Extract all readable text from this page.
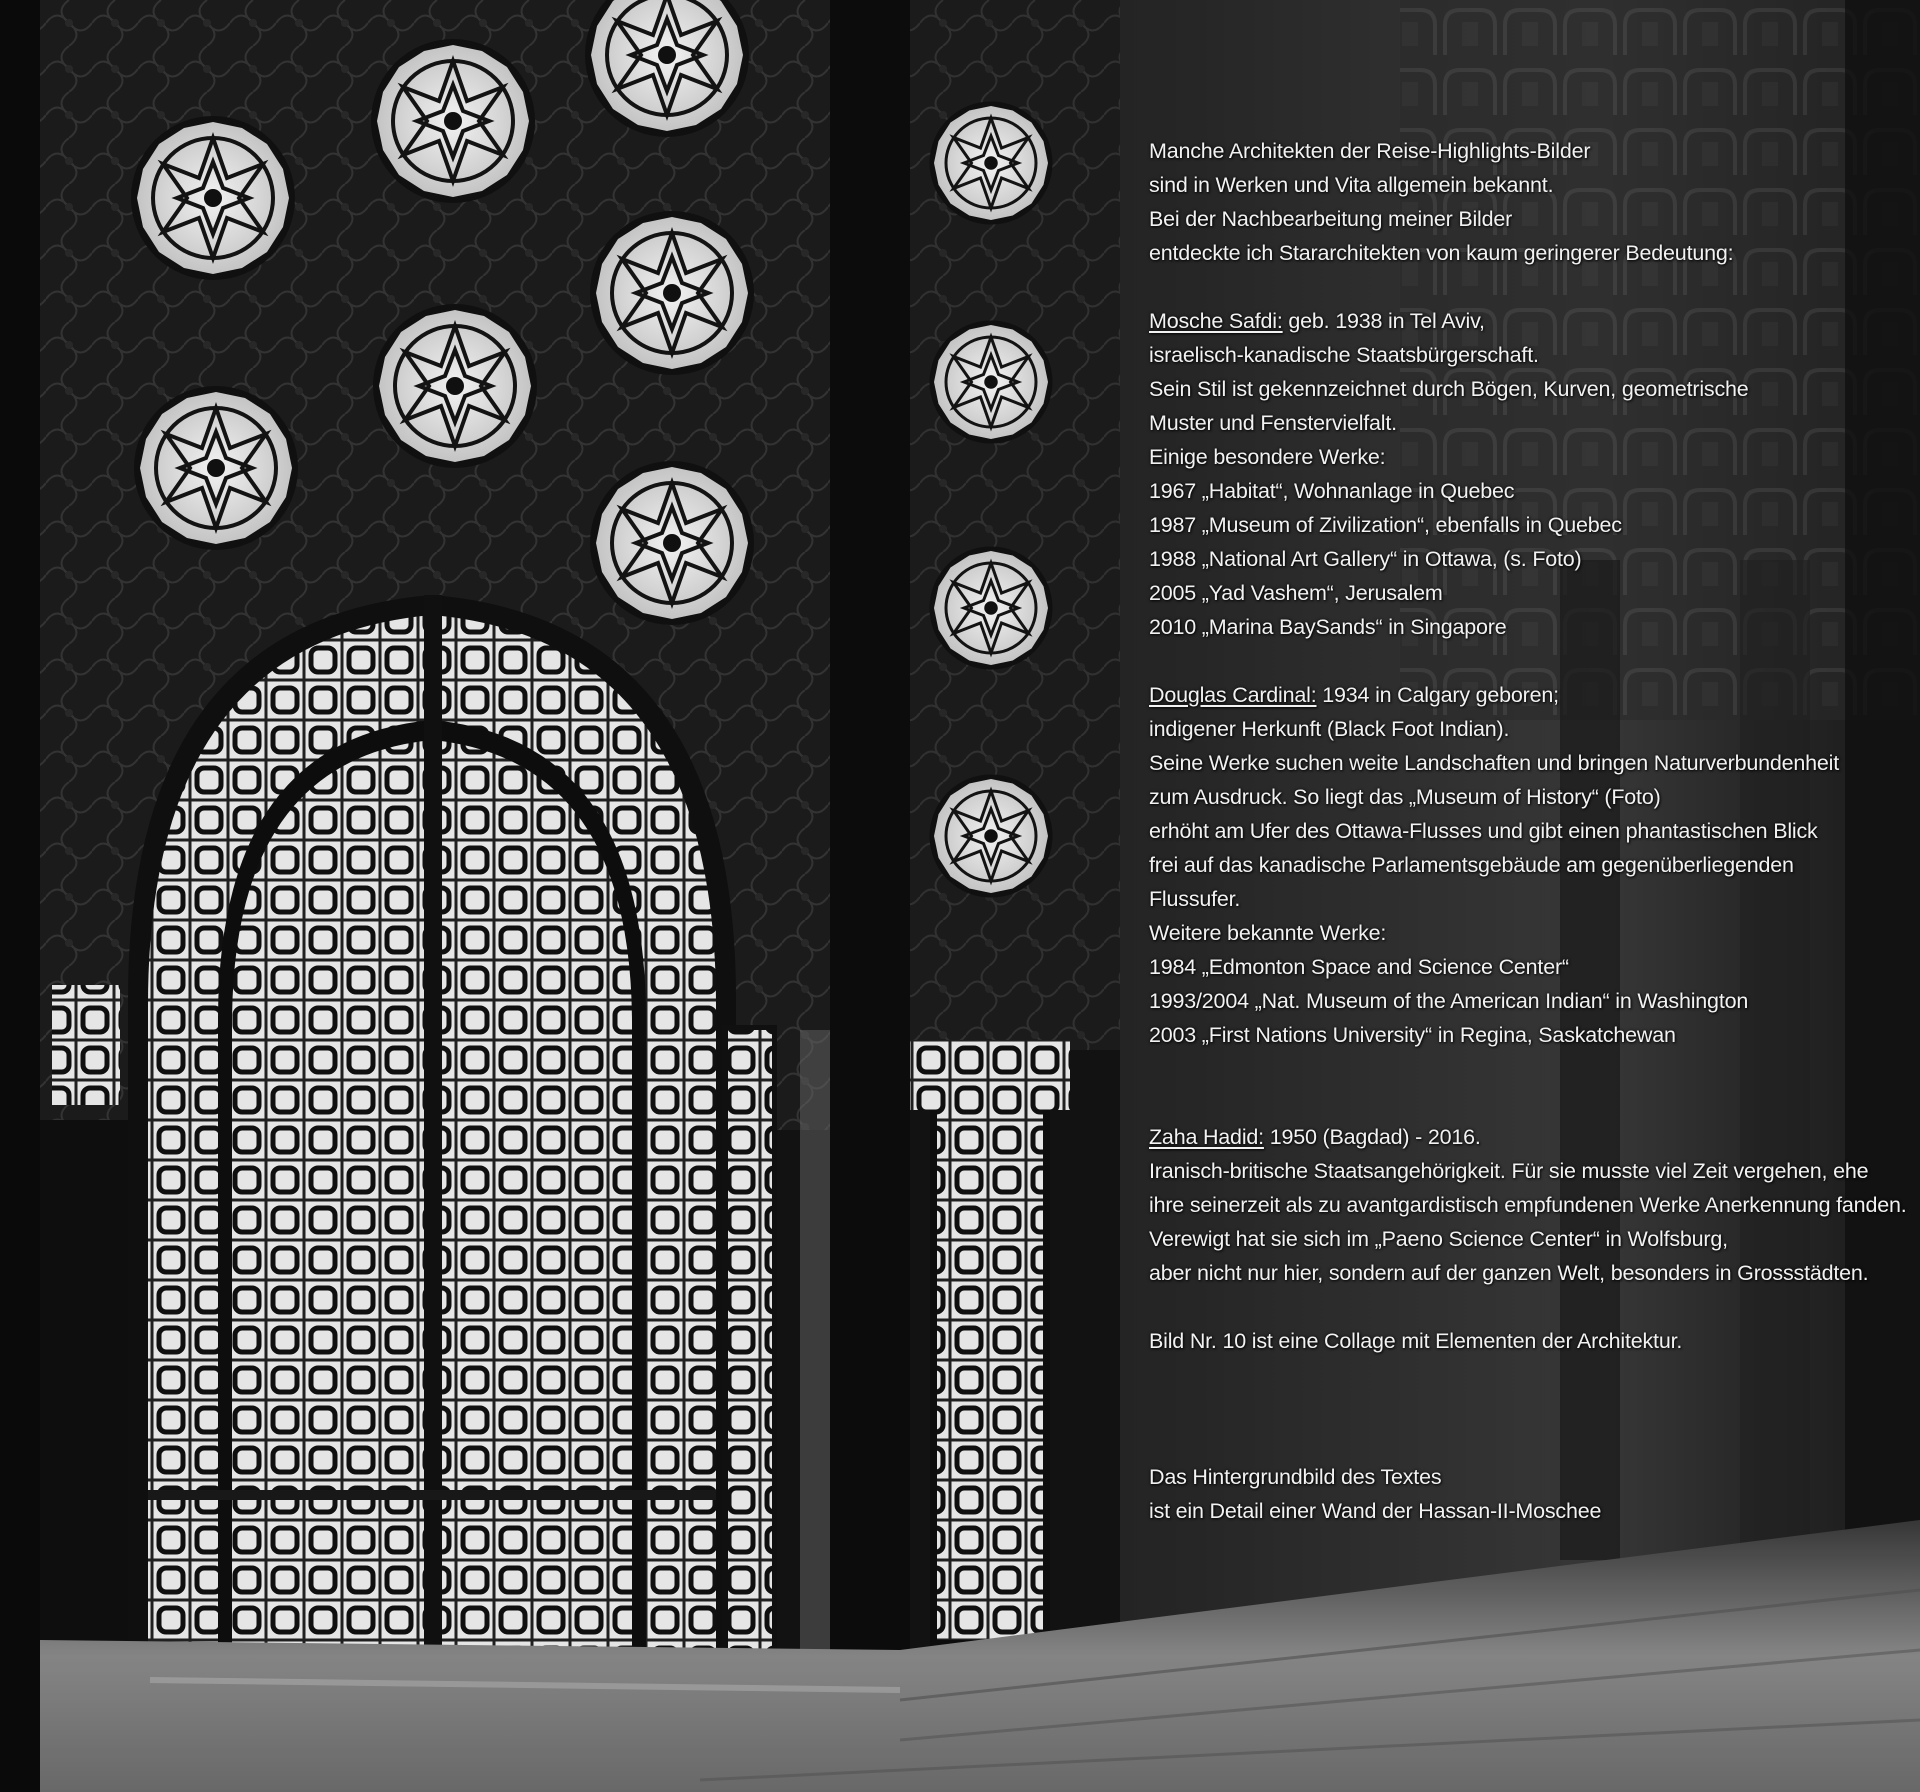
Manche Architekten der Reise-Highlights-Bilder
sind in Werken und Vita allgemein bekannt.
Bei der Nachbearbeitung meiner Bilder
entdeckte ich Stararchitekten von kaum geringerer Bedeutung:
Mosche Safdi: geb. 1938 in Tel Aviv,
israelisch-kanadische Staatsbürgerschaft.
Sein Stil ist gekennzeichnet durch Bögen, Kurven, geometrische
Muster und Fenstervielfalt.
Einige besondere Werke:
1967 „Habitat“, Wohnanlage in Quebec
1987 „Museum of Zivilization“, ebenfalls in Quebec
1988 „National Art Gallery“ in Ottawa, (s. Foto)
2005 „Yad Vashem“, Jerusalem
2010 „Marina BaySands“ in Singapore
Douglas Cardinal: 1934 in Calgary geboren;
indigener Herkunft (Black Foot Indian).
Seine Werke suchen weite Landschaften und bringen Naturverbundenheit
zum Ausdruck. So liegt das „Museum of History“ (Foto)
erhöht am Ufer des Ottawa-Flusses und gibt einen phantastischen Blick
frei auf das kanadische Parlamentsgebäude am gegenüberliegenden
Flussufer.
Weitere bekannte Werke:
1984 „Edmonton Space and Science Center“
1993/2004 „Nat. Museum of the American Indian“ in Washington
2003 „First Nations University“ in Regina, Saskatchewan
Zaha Hadid: 1950 (Bagdad) - 2016.
Iranisch-britische Staatsangehörigkeit. Für sie musste viel Zeit vergehen, ehe
ihre seinerzeit als zu avantgardistisch empfundenen Werke Anerkennung fanden.
Verewigt hat sie sich im „Paeno Science Center“ in Wolfsburg,
aber nicht nur hier, sondern auf der ganzen Welt, besonders in Grossstädten.
Bild Nr. 10 ist eine Collage mit Elementen der Architektur.
Das Hintergrundbild des Textes
ist ein Detail einer Wand der Hassan-II-Moschee
